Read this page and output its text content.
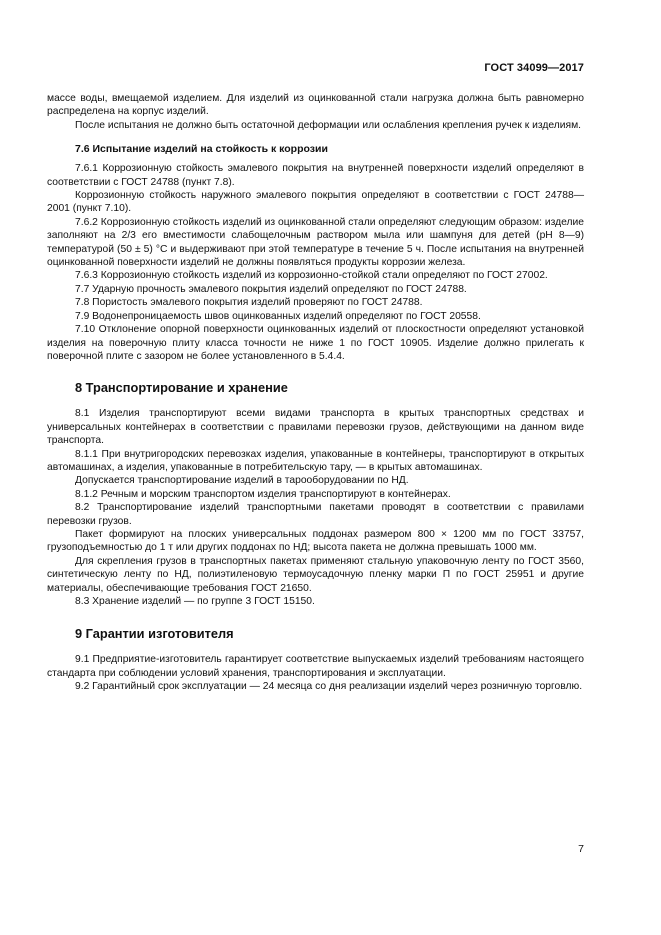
ГОСТ 34099—2017

массе воды, вмещаемой изделием. Для изделий из оцинкованной стали нагрузка должна быть равномерно распределена на корпус изделий.

После испытания не должно быть остаточной деформации или ослабления крепления ручек к изделиям.

7.6 Испытание изделий на стойкость к коррозии

7.6.1 Коррозионную стойкость эмалевого покрытия на внутренней поверхности изделий определяют в соответствии с ГОСТ 24788 (пункт 7.8).

Коррозионную стойкость наружного эмалевого покрытия определяют в соответствии с ГОСТ 24788—2001 (пункт 7.10).

7.6.2 Коррозионную стойкость изделий из оцинкованной стали определяют следующим образом: изделие заполняют на 2/3 его вместимости слабощелочным раствором мыла или шампуня для детей (pH 8—9) температурой (50 ± 5) °C и выдерживают при этой температуре в течение 5 ч. После испытания на внутренней оцинкованной поверхности изделий не должны появляться продукты коррозии железа.

7.6.3 Коррозионную стойкость изделий из коррозионно-стойкой стали определяют по ГОСТ 27002.

7.7 Ударную прочность эмалевого покрытия изделий определяют по ГОСТ 24788.

7.8 Пористость эмалевого покрытия изделий проверяют по ГОСТ 24788.

7.9 Водонепроницаемость швов оцинкованных изделий определяют по ГОСТ 20558.

7.10 Отклонение опорной поверхности оцинкованных изделий от плоскостности определяют установкой изделия на поверочную плиту класса точности не ниже 1 по ГОСТ 10905. Изделие должно прилегать к поверочной плите с зазором не более установленного в 5.4.4.

8 Транспортирование и хранение

8.1 Изделия транспортируют всеми видами транспорта в крытых транспортных средствах и универсальных контейнерах в соответствии с правилами перевозки грузов, действующими на данном виде транспорта.

8.1.1 При внутригородских перевозках изделия, упакованные в контейнеры, транспортируют в открытых автомашинах, а изделия, упакованные в потребительскую тару, — в крытых автомашинах.

Допускается транспортирование изделий в тарооборудовании по НД.

8.1.2 Речным и морским транспортом изделия транспортируют в контейнерах.

8.2 Транспортирование изделий транспортными пакетами проводят в соответствии с правилами перевозки грузов.

Пакет формируют на плоских универсальных поддонах размером 800 × 1200 мм по ГОСТ 33757, грузоподъемностью до 1 т или других поддонах по НД; высота пакета не должна превышать 1000 мм.

Для скрепления грузов в транспортных пакетах применяют стальную упаковочную ленту по ГОСТ 3560, синтетическую ленту по НД, полиэтиленовую термоусадочную пленку марки П по ГОСТ 25951 и другие материалы, обеспечивающие требования ГОСТ 21650.

8.3 Хранение изделий — по группе 3 ГОСТ 15150.

9 Гарантии изготовителя

9.1 Предприятие-изготовитель гарантирует соответствие выпускаемых изделий требованиям настоящего стандарта при соблюдении условий хранения, транспортирования и эксплуатации.

9.2 Гарантийный срок эксплуатации — 24 месяца со дня реализации изделий через розничную торговлю.

7
